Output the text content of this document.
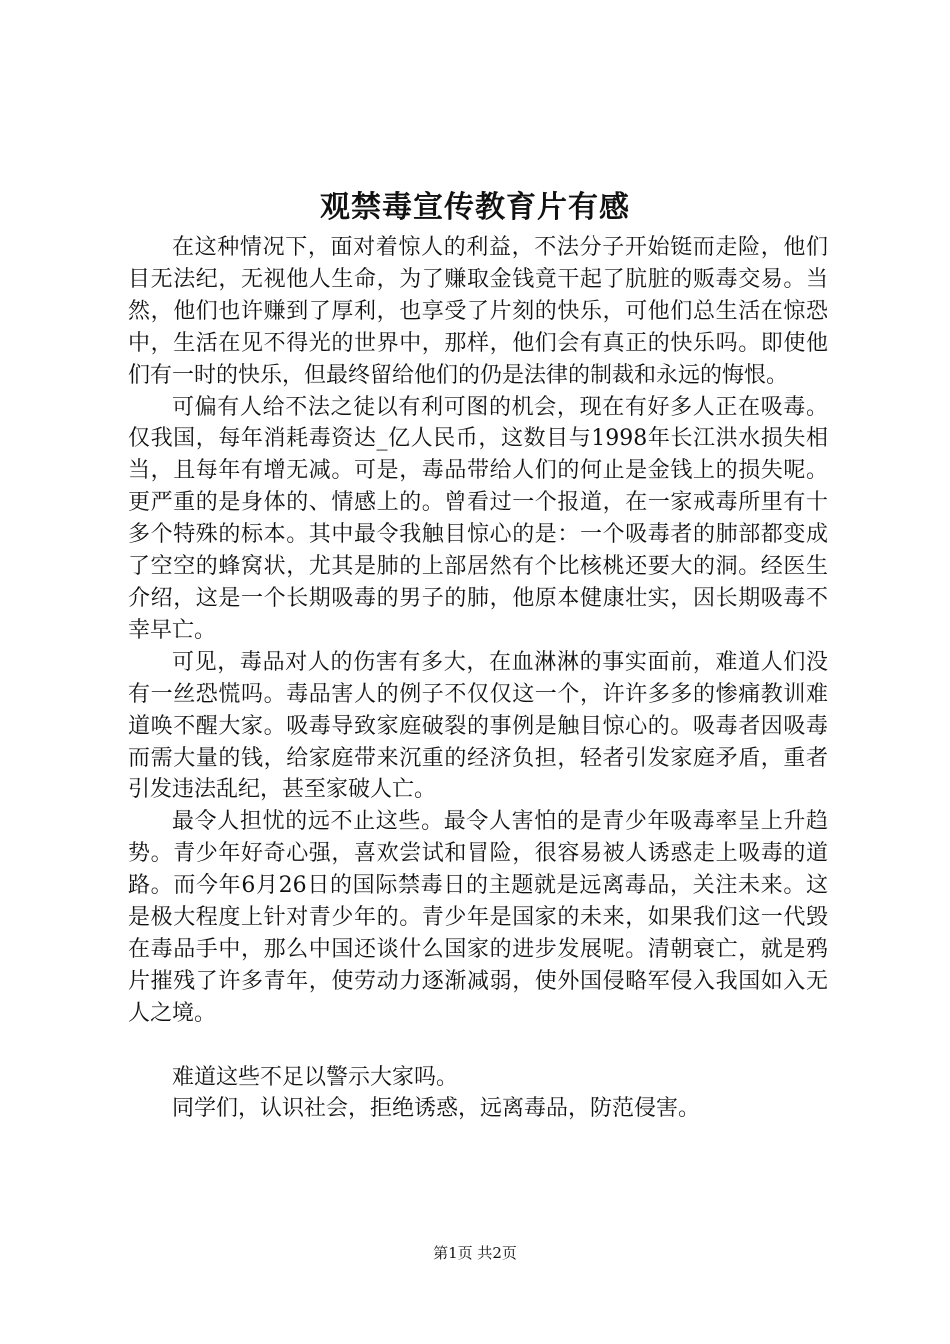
观禁毒宣传教育片有感

在这种情况下，面对着惊人的利益，不法分子开始铤而走险，他们目无法纪，无视他人生命，为了赚取金钱竟干起了肮脏的贩毒交易。当然，他们也许赚到了厚利，也享受了片刻的快乐，可他们总生活在惊恐中，生活在见不得光的世界中，那样，他们会有真正的快乐吗。即使他们有一时的快乐，但最终留给他们的仍是法律的制裁和永远的悔恨。

可偏有人给不法之徒以有利可图的机会，现在有好多人正在吸毒。仅我国，每年消耗毒资达_亿人民币，这数目与1998年长江洪水损失相当，且每年有增无减。可是，毒品带给人们的何止是金钱上的损失呢。更严重的是身体的、情感上的。曾看过一个报道，在一家戒毒所里有十多个特殊的标本。其中最令我触目惊心的是：一个吸毒者的肺部都变成了空空的蜂窝状，尤其是肺的上部居然有个比核桃还要大的洞。经医生介绍，这是一个长期吸毒的男子的肺，他原本健康壮实，因长期吸毒不幸早亡。

可见，毒品对人的伤害有多大，在血淋淋的事实面前，难道人们没有一丝恐慌吗。毒品害人的例子不仅仅这一个，许许多多的惨痛教训难道唤不醒大家。吸毒导致家庭破裂的事例是触目惊心的。吸毒者因吸毒而需大量的钱，给家庭带来沉重的经济负担，轻者引发家庭矛盾，重者引发违法乱纪，甚至家破人亡。

最令人担忧的远不止这些。最令人害怕的是青少年吸毒率呈上升趋势。青少年好奇心强，喜欢尝试和冒险，很容易被人诱惑走上吸毒的道路。而今年6月26日的国际禁毒日的主题就是远离毒品，关注未来。这是极大程度上针对青少年的。青少年是国家的未来，如果我们这一代毁在毒品手中，那么中国还谈什么国家的进步发展呢。清朝衰亡，就是鸦片摧残了许多青年，使劳动力逐渐减弱，使外国侵略军侵入我国如入无人之境。

难道这些不足以警示大家吗。

同学们，认识社会，拒绝诱惑，远离毒品，防范侵害。

第1页 共2页
